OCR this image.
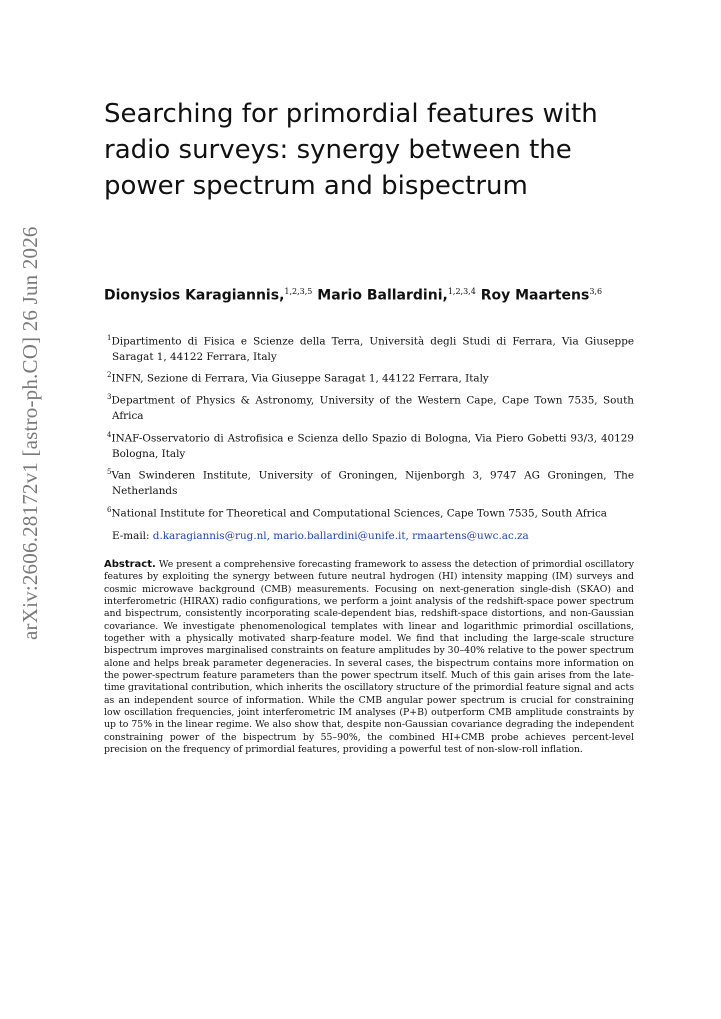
arXiv:2606.28172v1 [astro-ph.CO] 26 Jun 2026
Searching for primordial features with radio surveys: synergy between the power spectrum and bispectrum
Dionysios Karagiannis,$^{1,2,3,5}$ Mario Ballardini,$^{1,2,3,4}$ Roy Maartens$^{3,6}$

$^1$Dipartimento di Fisica e Scienze della Terra, Università degli Studi di Ferrara, Via Giuseppe Saragat 1, 44122 Ferrara, Italy

$^2$INFN, Sezione di Ferrara, Via Giuseppe Saragat 1, 44122 Ferrara, Italy

$^3$Department of Physics & Astronomy, University of the Western Cape, Cape Town 7535, South Africa

$^4$INAF-Osservatorio di Astrofisica e Scienza dello Spazio di Bologna, Via Piero Gobetti 93/3, 40129 Bologna, Italy

$^5$Van Swinderen Institute, University of Groningen, Nijenborgh 3, 9747 AG Groningen, The Netherlands

$^6$National Institute for Theoretical and Computational Sciences, Cape Town 7535, South Africa

E-mail: d.karagiannis@rug.nl, mario.ballardini@unife.it, rmaartens@uwc.ac.za

Abstract. We present a comprehensive forecasting framework to assess the detection of primordial oscillatory features by exploiting the synergy between future neutral hydrogen (HI) intensity mapping (IM) surveys and cosmic microwave background (CMB) measurements. Focusing on next-generation single-dish (SKAO) and interferometric (HIRAX) radio configurations, we perform a joint analysis of the redshift-space power spectrum and bispectrum, consistently incorporating scale-dependent bias, redshift-space distortions, and non-Gaussian covariance. We investigate phenomenological templates with linear and logarithmic primordial oscillations, together with a physically motivated sharp-feature model. We find that including the large-scale structure bispectrum improves marginalised constraints on feature amplitudes by 30–40% relative to the power spectrum alone and helps break parameter degeneracies. In several cases, the bispectrum contains more information on the power-spectrum feature parameters than the power spectrum itself. Much of this gain arises from the late-time gravitational contribution, which inherits the oscillatory structure of the primordial feature signal and acts as an independent source of information. While the CMB angular power spectrum is crucial for constraining low oscillation frequencies, joint interferometric IM analyses (P+B) outperform CMB amplitude constraints by up to 75% in the linear regime. We also show that, despite non-Gaussian covariance degrading the independent constraining power of the bispectrum by 55–90%, the combined HI+CMB probe achieves percent-level precision on the frequency of primordial features, providing a powerful test of non-slow-roll inflation.
